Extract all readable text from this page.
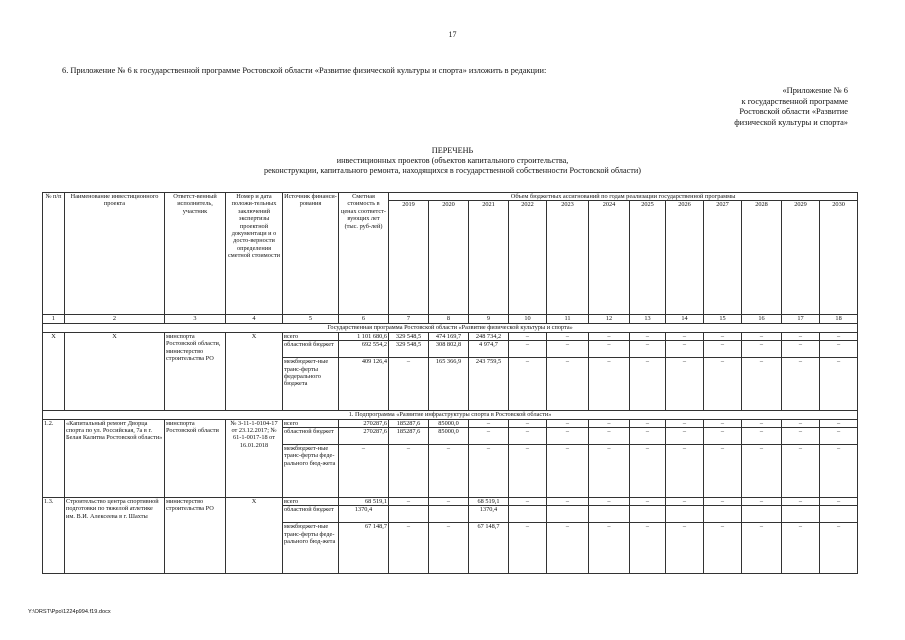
17
6. Приложение № 6 к государственной программе Ростовской области «Развитие физической культуры и спорта» изложить в редакции:
«Приложение № 6
к государственной программе
Ростовской области «Развитие
физической культуры и спорта»
ПЕРЕЧЕНЬ
инвестиционных проектов (объектов капитального строительства,
реконструкции, капитального ремонта, находящихся в государственной собственности Ростовской области)
№ п/п	Наименование инвестиционного проекта	Ответст-венный исполнитель, участник	Номер и дата положи-тельных заключений экспертизы проектной документаци и о досто-верности определения сметной стоимости	Источник финанси-рования	Сметная стоимость в ценах соответст-вующих лет (тыс. руб-лей)	Объем бюджетных ассигнований по годам реализации государственной программы											
						2019	2020	2021	2022	2023	2024	2025	2026	2027	2028	2029	2030
1	2	3	4	5	6	7	8	9	10	11	12	13	14	15	16	17	18
Государственная программа Ростовской области «Развитие физической культуры и спорта»																	
X	X	минспорта Ростовской области, министерство строительства РО	X	всего	1 101 680,6	329 548,5	474 169,7	248 734,2	–	–	–	–	–	–	–	–	–
				областной бюджет	692 554,2	329 548,5	308 802,8	4 974,7	–	–	–	–	–	–	–	–	–
				межбюджет-ные транс-ферты федерального бюджета	409 126,4	–	165 366,9	243 759,5	–	–	–	–	–	–	–	–	–
1. Подпрограмма «Развитие инфраструктуры спорта в Ростовской области»																	
1.2.	«Капитальный ремонт Дворца спорта по ул. Российская, 7а в г. Белая Калитва Ростовской области»	минспорта Ростовской области	№ 3-11-1-0104-17 от 23.12.2017; № 61-1-0017-18 от 16.01.2018	всего	270287,6	185287,6	85000,0	–	–	–	–	–	–	–	–	–	–
				областной бюджет	270287,6	185287,6	85000,0	–	–	–	–	–	–	–	–	–	–
				межбюджет-ные транс-ферты феде-рального бюд-жета	–	–	–	–	–	–	–	–	–	–	–	–	–
1.3.	Строительство центра спортивной подготовки по тяжелой атлетике им. В.И. Алексеева в г. Шахты	министерство строительства РО	X	всего	68 519,1	–	–	68 519,1	–	–	–	–	–	–	–	–	–
				областной бюджет	1370,4			1370,4									
				межбюджет-ные транс-ферты феде-рального бюд-жета	67 148,7	–	–	67 148,7	–	–	–	–	–	–	–	–	–
Y:\ORST\Ppo\1224p994.f19.docx
